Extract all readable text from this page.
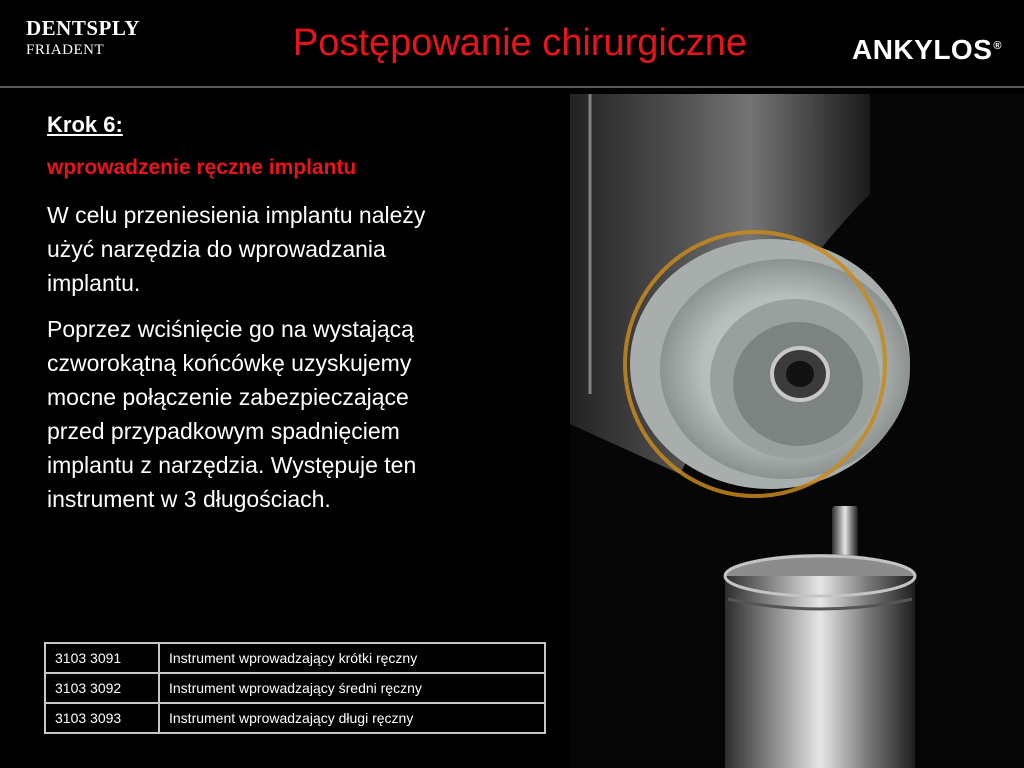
DENTSPLY
FRIADENT	Postępowanie chirurgiczne	ANKYLOS®

Krok 6:

wprowadzenie ręczne implantu

W celu przeniesienia implantu należy użyć narzędzia do wprowadzania implantu.

Poprzez wciśnięcie go na wystającą czworokątną końcówkę uzyskujemy mocne połączenie zabezpieczające przed przypadkowym spadnięciem implantu z narzędzia. Występuje ten instrument w 3 długościach.

3103 3091	Instrument wprowadzający krótki ręczny
3103 3092	Instrument wprowadzający średni ręczny
3103 3093	Instrument wprowadzający długi ręczny
